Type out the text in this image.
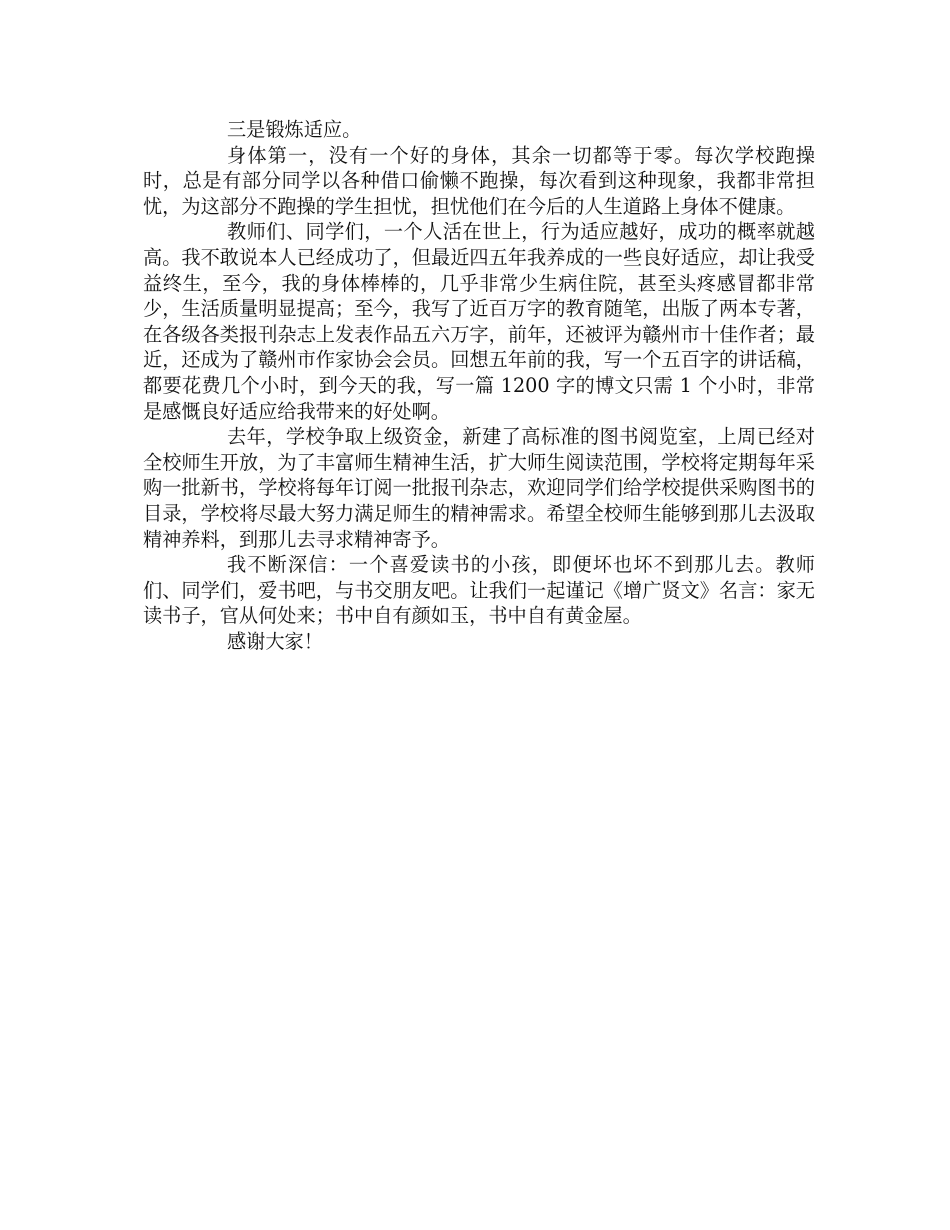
三是锻炼适应。

身体第一，没有一个好的身体，其余一切都等于零。每次学校跑操时，总是有部分同学以各种借口偷懒不跑操，每次看到这种现象，我都非常担忧，为这部分不跑操的学生担忧，担忧他们在今后的人生道路上身体不健康。

教师们、同学们，一个人活在世上，行为适应越好，成功的概率就越高。我不敢说本人已经成功了，但最近四五年我养成的一些良好适应，却让我受益终生，至今，我的身体棒棒的，几乎非常少生病住院，甚至头疼感冒都非常少，生活质量明显提高；至今，我写了近百万字的教育随笔，出版了两本专著，在各级各类报刊杂志上发表作品五六万字，前年，还被评为赣州市十佳作者；最近，还成为了赣州市作家协会会员。回想五年前的我，写一个五百字的讲话稿，都要花费几个小时，到今天的我，写一篇 1200 字的博文只需 1 个小时，非常是感慨良好适应给我带来的好处啊。

去年，学校争取上级资金，新建了高标准的图书阅览室，上周已经对全校师生开放，为了丰富师生精神生活，扩大师生阅读范围，学校将定期每年采购一批新书，学校将每年订阅一批报刊杂志，欢迎同学们给学校提供采购图书的目录，学校将尽最大努力满足师生的精神需求。希望全校师生能够到那儿去汲取精神养料，到那儿去寻求精神寄予。

我不断深信：一个喜爱读书的小孩，即便坏也坏不到那儿去。教师们、同学们，爱书吧，与书交朋友吧。让我们一起谨记《增广贤文》名言：家无读书子，官从何处来；书中自有颜如玉，书中自有黄金屋。

感谢大家！
